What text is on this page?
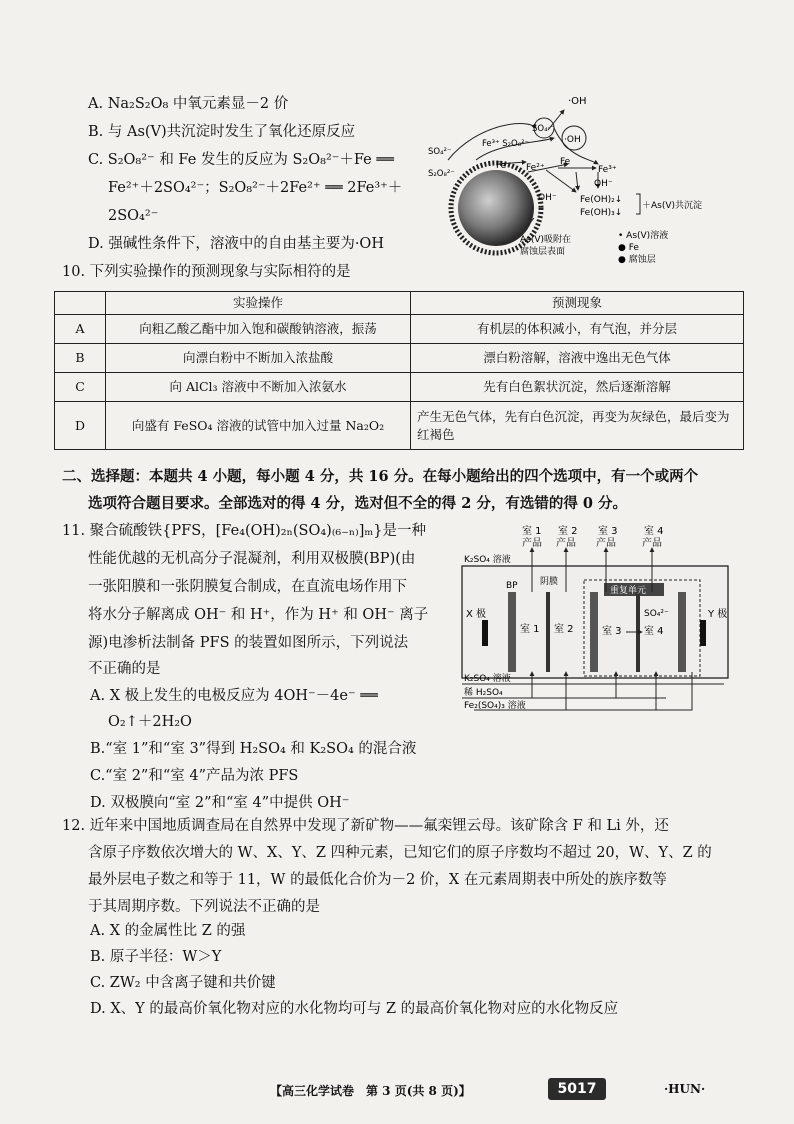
A. Na₂S₂O₈ 中氧元素显－2 价
B. 与 As(Ⅴ)共沉淀时发生了氧化还原反应
C. S₂O₈²⁻ 和 Fe 发生的反应为 S₂O₈²⁻＋Fe ══
Fe²⁺＋2SO₄²⁻；S₂O₈²⁻＋2Fe²⁺ ══ 2Fe³⁺＋
2SO₄²⁻
D. 强碱性条件下，溶液中的自由基主要为·OH
·OH
SO₄·⁻
·OH
Fe³⁺ S₂O₈²⁻
SO₄²⁻
S₂O₈²⁻
Fe Fe²⁺
Fe
Fe³⁺
OH⁻
OH⁻
Fe(OH)₂↓
Fe(OH)₃↓
＋As(Ⅴ)共沉淀
As(Ⅴ)吸附在
腐蚀层表面
• As(Ⅴ)溶液
● Fe
● 腐蚀层
10. 下列实验操作的预测现象与实际相符的是
	实验操作	预测现象
A	向粗乙酸乙酯中加入饱和碳酸钠溶液，振荡	有机层的体积减小，有气泡，并分层
B	向漂白粉中不断加入浓盐酸	漂白粉溶解，溶液中逸出无色气体
C	向 AlCl₃ 溶液中不断加入浓氨水	先有白色絮状沉淀，然后逐渐溶解
D	向盛有 FeSO₄ 溶液的试管中加入过量 Na₂O₂	产生无色气体，先有白色沉淀，再变为灰绿色，最后变为红褐色
二、选择题：本题共 4 小题，每小题 4 分，共 16 分。在每小题给出的四个选项中，有一个或两个
选项符合题目要求。全部选对的得 4 分，选对但不全的得 2 分，有选错的得 0 分。
11. 聚合硫酸铁{PFS，[Fe₄(OH)₂ₙ(SO₄)₍₆₋ₙ₎]ₘ}是一种
性能优越的无机高分子混凝剂，利用双极膜(BP)(由
一张阳膜和一张阴膜复合制成，在直流电场作用下
将水分子解离成 OH⁻ 和 H⁺，作为 H⁺ 和 OH⁻ 离子
源)电渗析法制备 PFS 的装置如图所示，下列说法
不正确的是
A. X 极上发生的电极反应为 4OH⁻－4e⁻ ══
O₂↑＋2H₂O
B.“室 1”和“室 3”得到 H₂SO₄ 和 K₂SO₄ 的混合液
C.“室 2”和“室 4”产品为浓 PFS
D. 双极膜向“室 2”和“室 4”中提供 OH⁻
室 1
产品
室 2
产品
室 3
产品
室 4
产品
K₂SO₄ 溶液
BP 阴膜
重复单元
X 极	Y 极
室 1 室 2	室 3 室 4
SO₄²⁻
K₂SO₄ 溶液
稀 H₂SO₄
Fe₂(SO₄)₃ 溶液
12. 近年来中国地质调查局在自然界中发现了新矿物——氟栾锂云母。该矿除含 F 和 Li 外，还
含原子序数依次增大的 W、X、Y、Z 四种元素，已知它们的原子序数均不超过 20，W、Y、Z 的
最外层电子数之和等于 11，W 的最低化合价为－2 价，X 在元素周期表中所处的族序数等
于其周期序数。下列说法不正确的是
A. X 的金属性比 Z 的强
B. 原子半径：W＞Y
C. ZW₂ 中含离子键和共价键
D. X、Y 的最高价氧化物对应的水化物均可与 Z 的最高价氧化物对应的水化物反应
【高三化学试卷　第 3 页(共 8 页)】	5017	·HUN·
